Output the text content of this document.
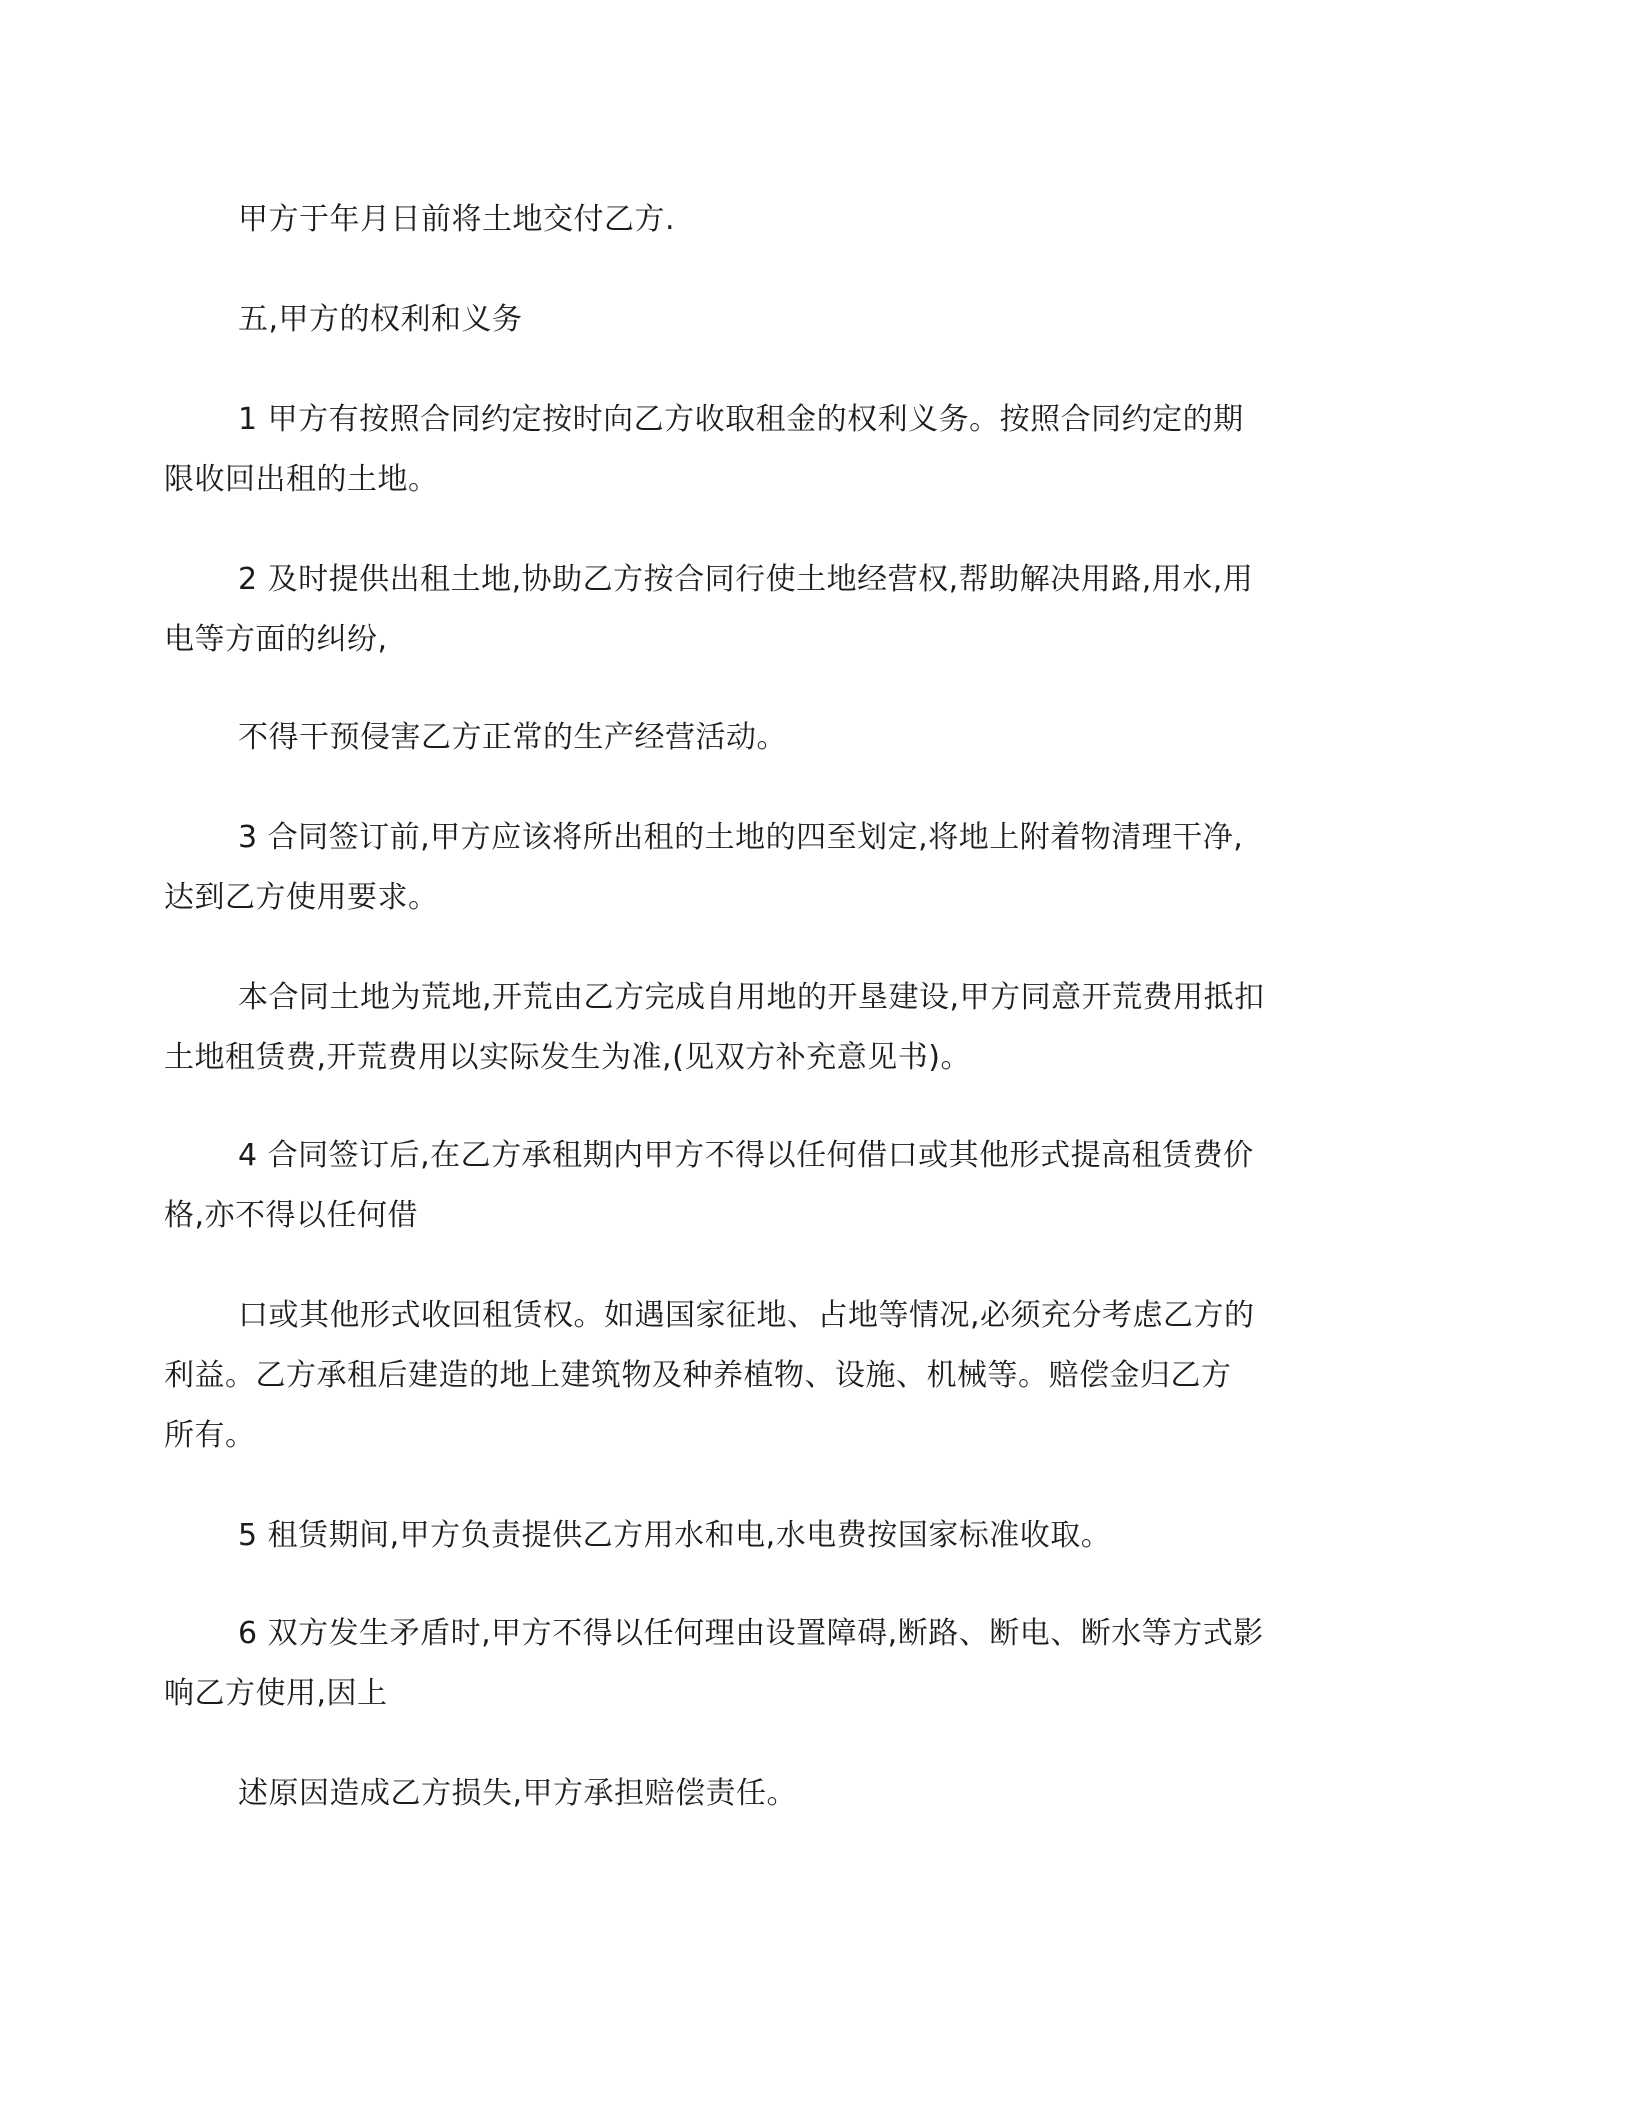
甲方于年月日前将土地交付乙方.
五,甲方的权利和义务
1 甲方有按照合同约定按时向乙方收取租金的权利义务。按照合同约定的期
限收回出租的土地。
2 及时提供出租土地,协助乙方按合同行使土地经营权,帮助解决用路,用水,用
电等方面的纠纷,
不得干预侵害乙方正常的生产经营活动。
3 合同签订前,甲方应该将所出租的土地的四至划定,将地上附着物清理干净,
达到乙方使用要求。
本合同土地为荒地,开荒由乙方完成自用地的开垦建设,甲方同意开荒费用抵扣
土地租赁费,开荒费用以实际发生为准,(见双方补充意见书)。
4 合同签订后,在乙方承租期内甲方不得以任何借口或其他形式提高租赁费价
格,亦不得以任何借
口或其他形式收回租赁权。如遇国家征地、占地等情况,必须充分考虑乙方的
利益。乙方承租后建造的地上建筑物及种养植物、设施、机械等。赔偿金归乙方
所有。
5 租赁期间,甲方负责提供乙方用水和电,水电费按国家标准收取。
6 双方发生矛盾时,甲方不得以任何理由设置障碍,断路、断电、断水等方式影
响乙方使用,因上
述原因造成乙方损失,甲方承担赔偿责任。
